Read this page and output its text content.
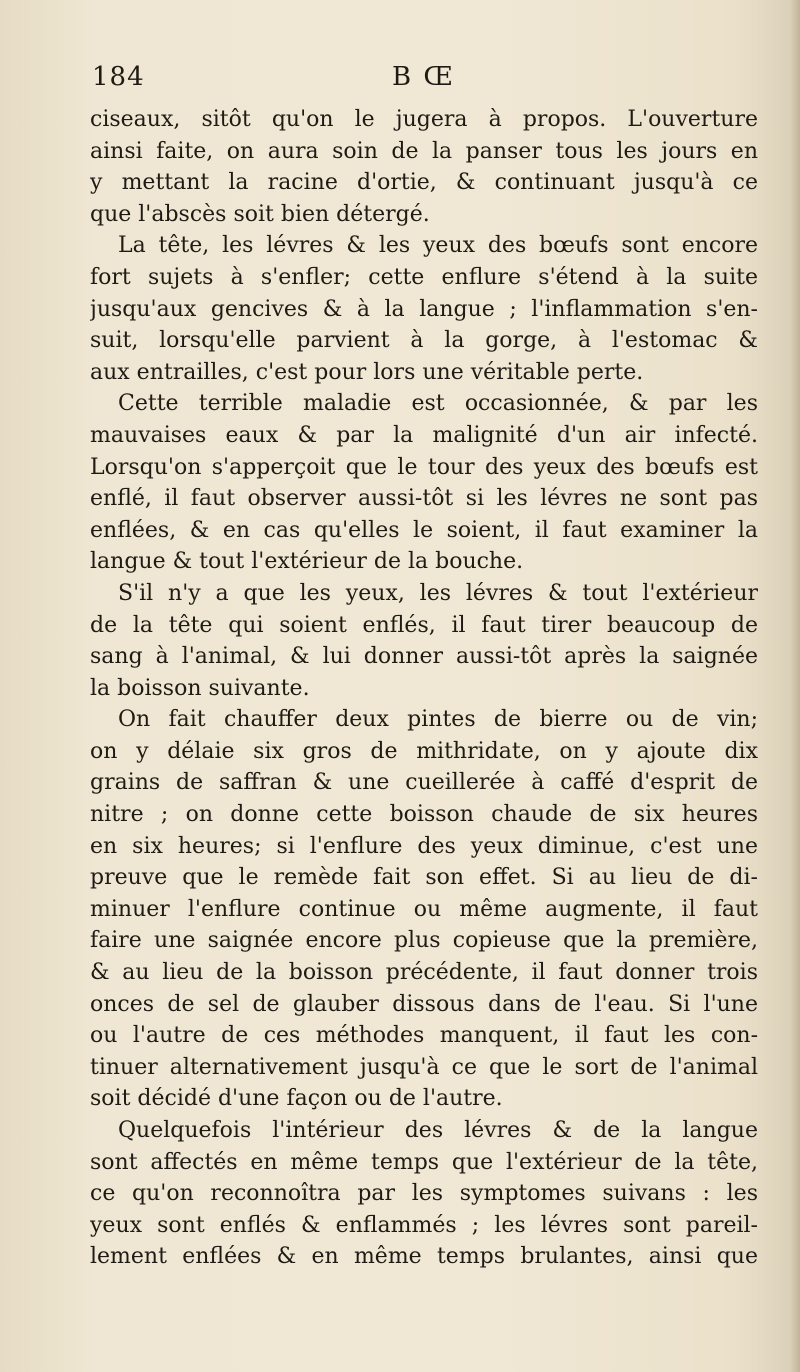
184	B Œ
ciseaux, sitôt qu'on le jugera à propos. L'ouverture
ainsi faite, on aura soin de la panser tous les jours en
y mettant la racine d'ortie, & continuant jusqu'à ce
que l'abscès soit bien détergé.
La tête, les lévres & les yeux des bœufs sont encore
fort sujets à s'enfler; cette enflure s'étend à la suite
jusqu'aux gencives & à la langue ; l'inflammation s'en-
suit, lorsqu'elle parvient à la gorge, à l'estomac &
aux entrailles, c'est pour lors une véritable perte.
Cette terrible maladie est occasionnée, & par les
mauvaises eaux & par la malignité d'un air infecté.
Lorsqu'on s'apperçoit que le tour des yeux des bœufs est
enflé, il faut observer aussi-tôt si les lévres ne sont pas
enflées, & en cas qu'elles le soient, il faut examiner la
langue & tout l'extérieur de la bouche.
S'il n'y a que les yeux, les lévres & tout l'extérieur
de la tête qui soient enflés, il faut tirer beaucoup de
sang à l'animal, & lui donner aussi-tôt après la saignée
la boisson suivante.
On fait chauffer deux pintes de bierre ou de vin;
on y délaie six gros de mithridate, on y ajoute dix
grains de saffran & une cueillerée à caffé d'esprit de
nitre ; on donne cette boisson chaude de six heures
en six heures; si l'enflure des yeux diminue, c'est une
preuve que le remède fait son effet. Si au lieu de di-
minuer l'enflure continue ou même augmente, il faut
faire une saignée encore plus copieuse que la première,
& au lieu de la boisson précédente, il faut donner trois
onces de sel de glauber dissous dans de l'eau. Si l'une
ou l'autre de ces méthodes manquent, il faut les con-
tinuer alternativement jusqu'à ce que le sort de l'animal
soit décidé d'une façon ou de l'autre.
Quelquefois l'intérieur des lévres & de la langue
sont affectés en même temps que l'extérieur de la tête,
ce qu'on reconnoîtra par les symptomes suivans : les
yeux sont enflés & enflammés ; les lévres sont pareil-
lement enflées & en même temps brulantes, ainsi que
